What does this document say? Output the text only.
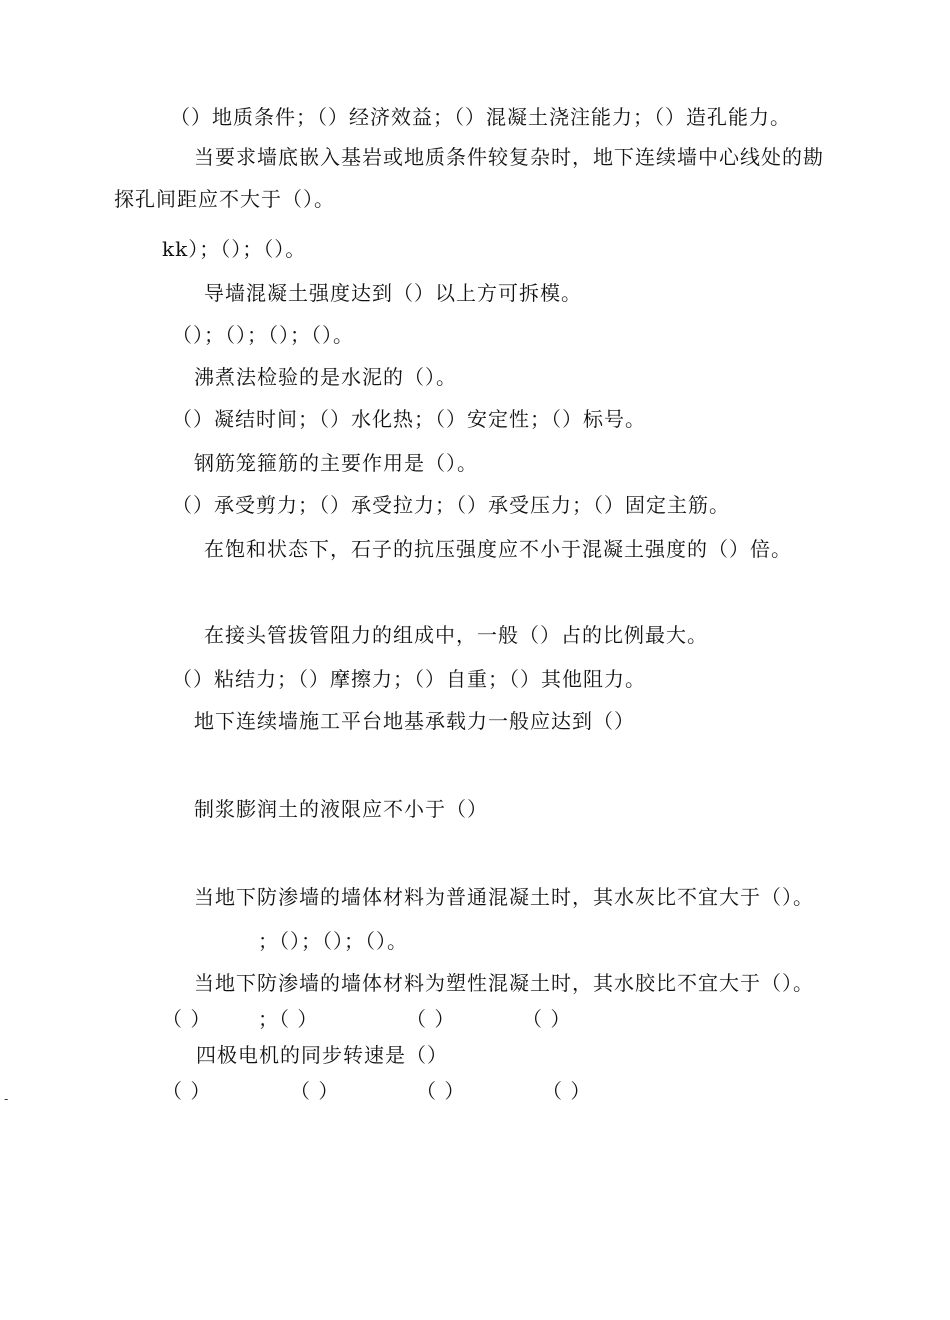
（）地质条件；（）经济效益；（）混凝土浇注能力；（）造孔能力。
当要求墙底嵌入基岩或地质条件较复杂时，地下连续墙中心线处的勘
探孔间距应不大于（）。
kk）；（）；（）。
导墙混凝土强度达到（）以上方可拆模。
（）；（）；（）；（）。
沸煮法检验的是水泥的（）。
（）凝结时间；（）水化热；（）安定性；（）标号。
钢筋笼箍筋的主要作用是（）。
（）承受剪力；（）承受拉力；（）承受压力；（）固定主筋。
在饱和状态下，石子的抗压强度应不小于混凝土强度的（）倍。
在接头管拔管阻力的组成中，一般（）占的比例最大。
（）粘结力；（）摩擦力；（）自重；（）其他阻力。
地下连续墙施工平台地基承载力一般应达到（）
制浆膨润土的液限应不小于（）
当地下防渗墙的墙体材料为普通混凝土时，其水灰比不宜大于（）。
；（）；（）；（）。
当地下防渗墙的墙体材料为塑性混凝土时，其水胶比不宜大于（）。
（ ） ；（ ）	（ ）	（ ）
四极电机的同步转速是（）
（ ）	（ ）	（ ）	（ ）
-
